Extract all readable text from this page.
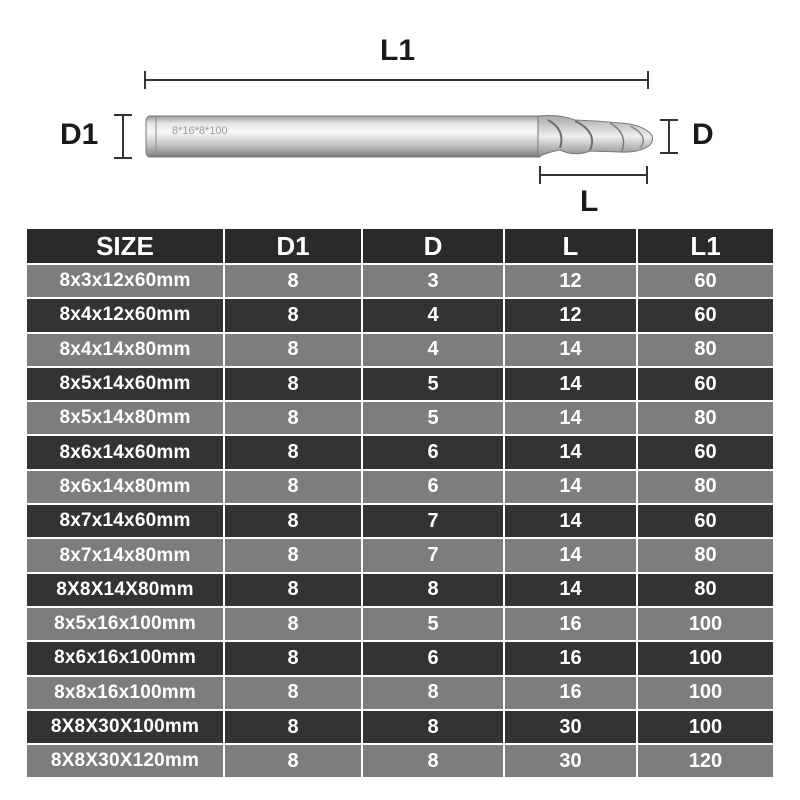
8*16*8*100
L1
D1	D
L
SIZE	D1	D	L	L1
8x3x12x60mm	8	3	12	60
8x4x12x60mm	8	4	12	60
8x4x14x80mm	8	4	14	80
8x5x14x60mm	8	5	14	60
8x5x14x80mm	8	5	14	80
8x6x14x60mm	8	6	14	60
8x6x14x80mm	8	6	14	80
8x7x14x60mm	8	7	14	60
8x7x14x80mm	8	7	14	80
8X8X14X80mm	8	8	14	80
8x5x16x100mm	8	5	16	100
8x6x16x100mm	8	6	16	100
8x8x16x100mm	8	8	16	100
8X8X30X100mm	8	8	30	100
8X8X30X120mm	8	8	30	120
